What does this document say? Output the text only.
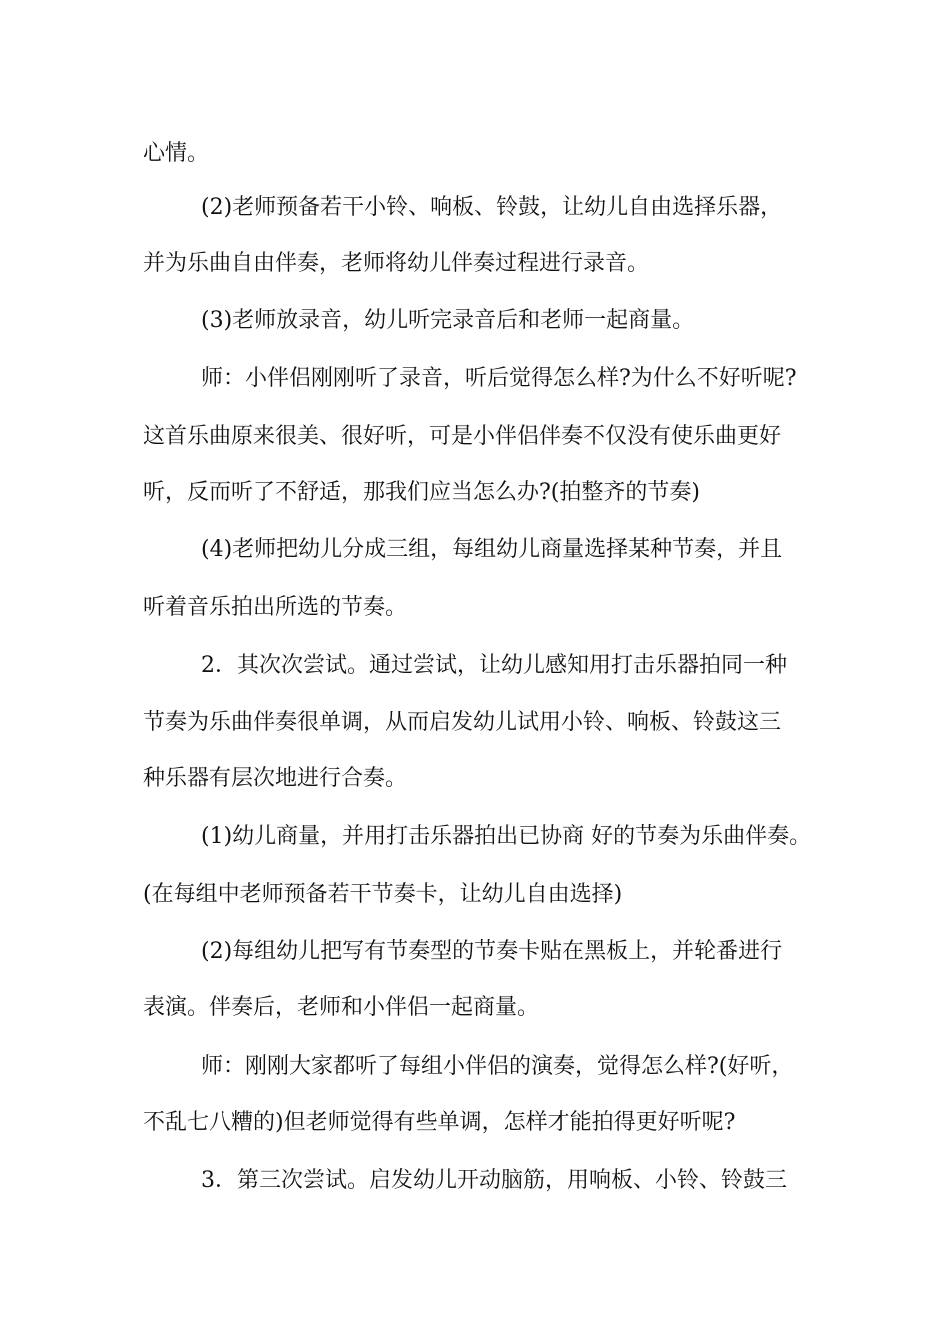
心情。
(2)老师预备若干小铃、响板、铃鼓，让幼儿自由选择乐器，
并为乐曲自由伴奏，老师将幼儿伴奏过程进行录音。
(3)老师放录音，幼儿听完录音后和老师一起商量。
师：小伴侣刚刚听了录音，听后觉得怎么样?为什么不好听呢?
这首乐曲原来很美、很好听，可是小伴侣伴奏不仅没有使乐曲更好
听，反而听了不舒适，那我们应当怎么办?(拍整齐的节奏)
(4)老师把幼儿分成三组，每组幼儿商量选择某种节奏，并且
听着音乐拍出所选的节奏。
2．其次次尝试。通过尝试，让幼儿感知用打击乐器拍同一种
节奏为乐曲伴奏很单调，从而启发幼儿试用小铃、响板、铃鼓这三
种乐器有层次地进行合奏。
(1)幼儿商量，并用打击乐器拍出已协商 好的节奏为乐曲伴奏。
(在每组中老师预备若干节奏卡，让幼儿自由选择)
(2)每组幼儿把写有节奏型的节奏卡贴在黑板上，并轮番进行
表演。伴奏后，老师和小伴侣一起商量。
师：刚刚大家都听了每组小伴侣的演奏，觉得怎么样?(好听，
不乱七八糟的)但老师觉得有些单调，怎样才能拍得更好听呢?
3．第三次尝试。启发幼儿开动脑筋，用响板、小铃、铃鼓三
